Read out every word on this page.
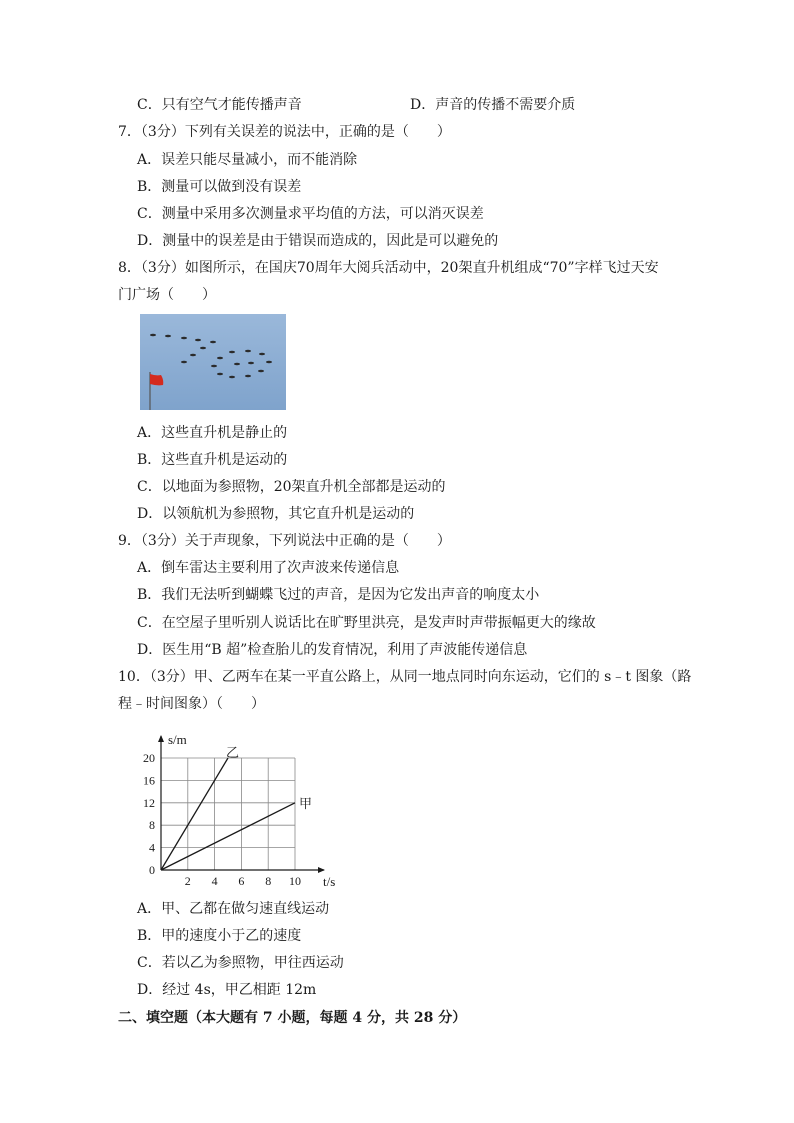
C．只有空气才能传播声音	D．声音的传播不需要介质
7．（3分）下列有关误差的说法中，正确的是（　　）
A．误差只能尽量减小，而不能消除
B．测量可以做到没有误差
C．测量中采用多次测量求平均值的方法，可以消灭误差
D．测量中的误差是由于错误而造成的，因此是可以避免的
8．（3分）如图所示，在国庆70周年大阅兵活动中，20架直升机组成“70”字样飞过天安
门广场（　　）
A．这些直升机是静止的
B．这些直升机是运动的
C．以地面为参照物，20架直升机全部都是运动的
D．以领航机为参照物，其它直升机是运动的
9．（3分）关于声现象，下列说法中正确的是（　　）
A．倒车雷达主要利用了次声波来传递信息
B．我们无法听到蝴蝶飞过的声音，是因为它发出声音的响度太小
C．在空屋子里听别人说话比在旷野里洪亮，是发声时声带振幅更大的缘故
D．医生用“B 超”检查胎儿的发育情况，利用了声波能传递信息
10．（3分）甲、乙两车在某一平直公路上，从同一地点同时向东运动，它们的 s﹣t 图象（路
程﹣时间图象）（　　）
2 4 6 8 10
0
4
8
12
16
20	乙
甲
s/m
t/s
A．甲、乙都在做匀速直线运动
B．甲的速度小于乙的速度
C．若以乙为参照物，甲往西运动
D．经过 4s，甲乙相距 12m
二、填空题（本大题有 7 小题，每题 4 分，共 28 分）
